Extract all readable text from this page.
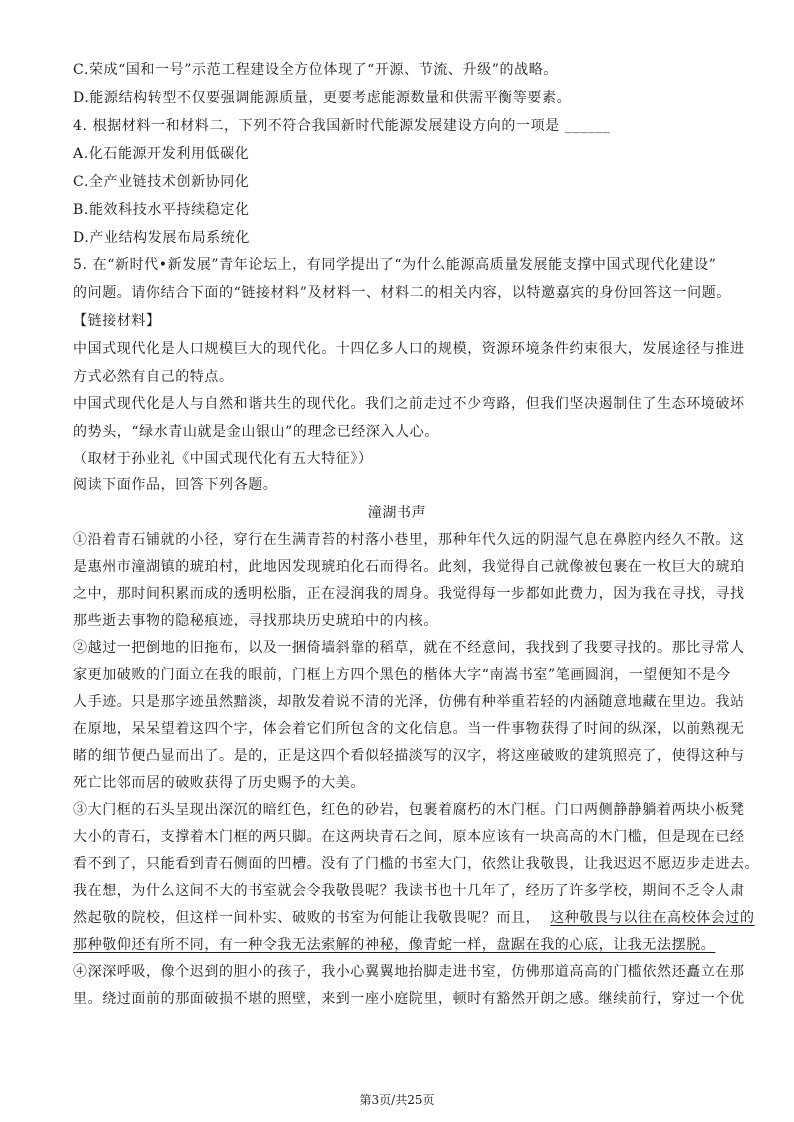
C.荣成“国和一号”示范工程建设全方位体现了“开源、节流、升级”的战略。
D.能源结构转型不仅要强调能源质量，更要考虑能源数量和供需平衡等要素。
4. 根据材料一和材料二，下列不符合我国新时代能源发展建设方向的一项是 ______
A.化石能源开发利用低碳化
C.全产业链技术创新协同化
B.能效科技水平持续稳定化
D.产业结构发展布局系统化
5. 在“新时代•新发展”青年论坛上，有同学提出了“为什么能源高质量发展能支撑中国式现代化建设”
的问题。请你结合下面的“链接材料”及材料一、材料二的相关内容，以特邀嘉宾的身份回答这一问题。
【链接材料】
中国式现代化是人口规模巨大的现代化。十四亿多人口的规模，资源环境条件约束很大，发展途径与推进
方式必然有自己的特点。
中国式现代化是人与自然和谐共生的现代化。我们之前走过不少弯路，但我们坚决遏制住了生态环境破坏
的势头，“绿水青山就是金山银山”的理念已经深入人心。
（取材于孙业礼《中国式现代化有五大特征》）
阅读下面作品，回答下列各题。
潼湖书声
①沿着青石铺就的小径，穿行在生满青苔的村落小巷里，那种年代久远的阴湿气息在鼻腔内经久不散。这
是惠州市潼湖镇的琥珀村，此地因发现琥珀化石而得名。此刻，我觉得自己就像被包裹在一枚巨大的琥珀
之中，那时间积累而成的透明松脂，正在浸润我的周身。我觉得每一步都如此费力，因为我在寻找，寻找
那些逝去事物的隐秘痕迹，寻找那块历史琥珀中的内核。
②越过一把倒地的旧拖布，以及一捆倚墙斜靠的稻草，就在不经意间，我找到了我要寻找的。那比寻常人
家更加破败的门面立在我的眼前，门框上方四个黑色的楷体大字“南嵩书室”笔画圆润，一望便知不是今
人手迹。只是那字迹虽然黯淡，却散发着说不清的光泽，仿佛有种举重若轻的内涵随意地藏在里边。我站
在原地，呆呆望着这四个字，体会着它们所包含的文化信息。当一件事物获得了时间的纵深，以前熟视无
睹的细节便凸显而出了。是的，正是这四个看似轻描淡写的汉字，将这座破败的建筑照亮了，使得这种与
死亡比邻而居的破败获得了历史赐予的大美。
③大门框的石头呈现出深沉的暗红色，红色的砂岩，包裹着腐朽的木门框。门口两侧静静躺着两块小板凳
大小的青石，支撑着木门框的两只脚。在这两块青石之间，原本应该有一块高高的木门槛，但是现在已经
看不到了，只能看到青石侧面的凹槽。没有了门槛的书室大门，依然让我敬畏，让我迟迟不愿迈步走进去。
我在想，为什么这间不大的书室就会令我敬畏呢？我读书也十几年了，经历了许多学校，期间不乏令人肃
然起敬的院校，但这样一间朴实、破败的书室为何能让我敬畏呢？而且， 这种敬畏与以往在高校体会过的
那种敬仰还有所不同，有一种令我无法索解的神秘，像青蛇一样，盘踞在我的心底，让我无法摆脱。
④深深呼吸，像个迟到的胆小的孩子，我小心翼翼地抬脚走进书室，仿佛那道高高的门槛依然还矗立在那
里。绕过面前的那面破损不堪的照壁，来到一座小庭院里，顿时有豁然开朗之感。继续前行，穿过一个优
第3页/共25页
